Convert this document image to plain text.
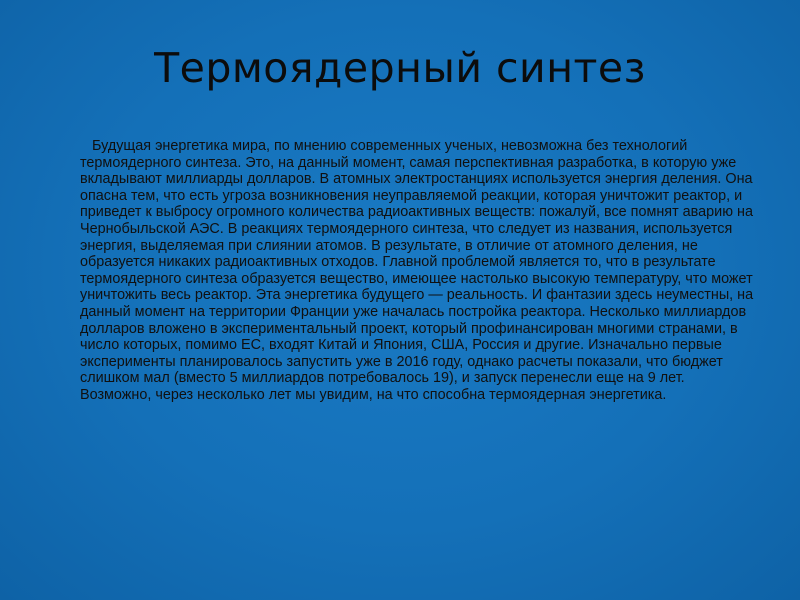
Термоядерный синтез

Будущая энергетика мира, по мнению современных ученых, невозможна без технологий термоядерного синтеза. Это, на данный момент, самая перспективная разработка, в которую уже вкладывают миллиарды долларов. В атомных электростанциях используется энергия деления. Она опасна тем, что есть угроза возникновения неуправляемой реакции, которая уничтожит реактор, и приведет к выбросу огромного количества радиоактивных веществ: пожалуй, все помнят аварию на Чернобыльской АЭС. В реакциях термоядерного синтеза, что следует из названия, используется энергия, выделяемая при слиянии атомов. В результате, в отличие от атомного деления, не образуется никаких радиоактивных отходов. Главной проблемой является то, что в результате термоядерного синтеза образуется вещество, имеющее настолько высокую температуру, что может уничтожить весь реактор. Эта энергетика будущего — реальность. И фантазии здесь неуместны, на данный момент на территории Франции уже началась постройка реактора. Несколько миллиардов долларов вложено в экспериментальный проект, который профинансирован многими странами, в число которых, помимо ЕС, входят Китай и Япония, США, Россия и другие. Изначально первые эксперименты планировалось запустить уже в 2016 году, однако расчеты показали, что бюджет слишком мал (вместо 5 миллиардов потребовалось 19), и запуск перенесли еще на 9 лет. Возможно, через несколько лет мы увидим, на что способна термоядерная энергетика.
